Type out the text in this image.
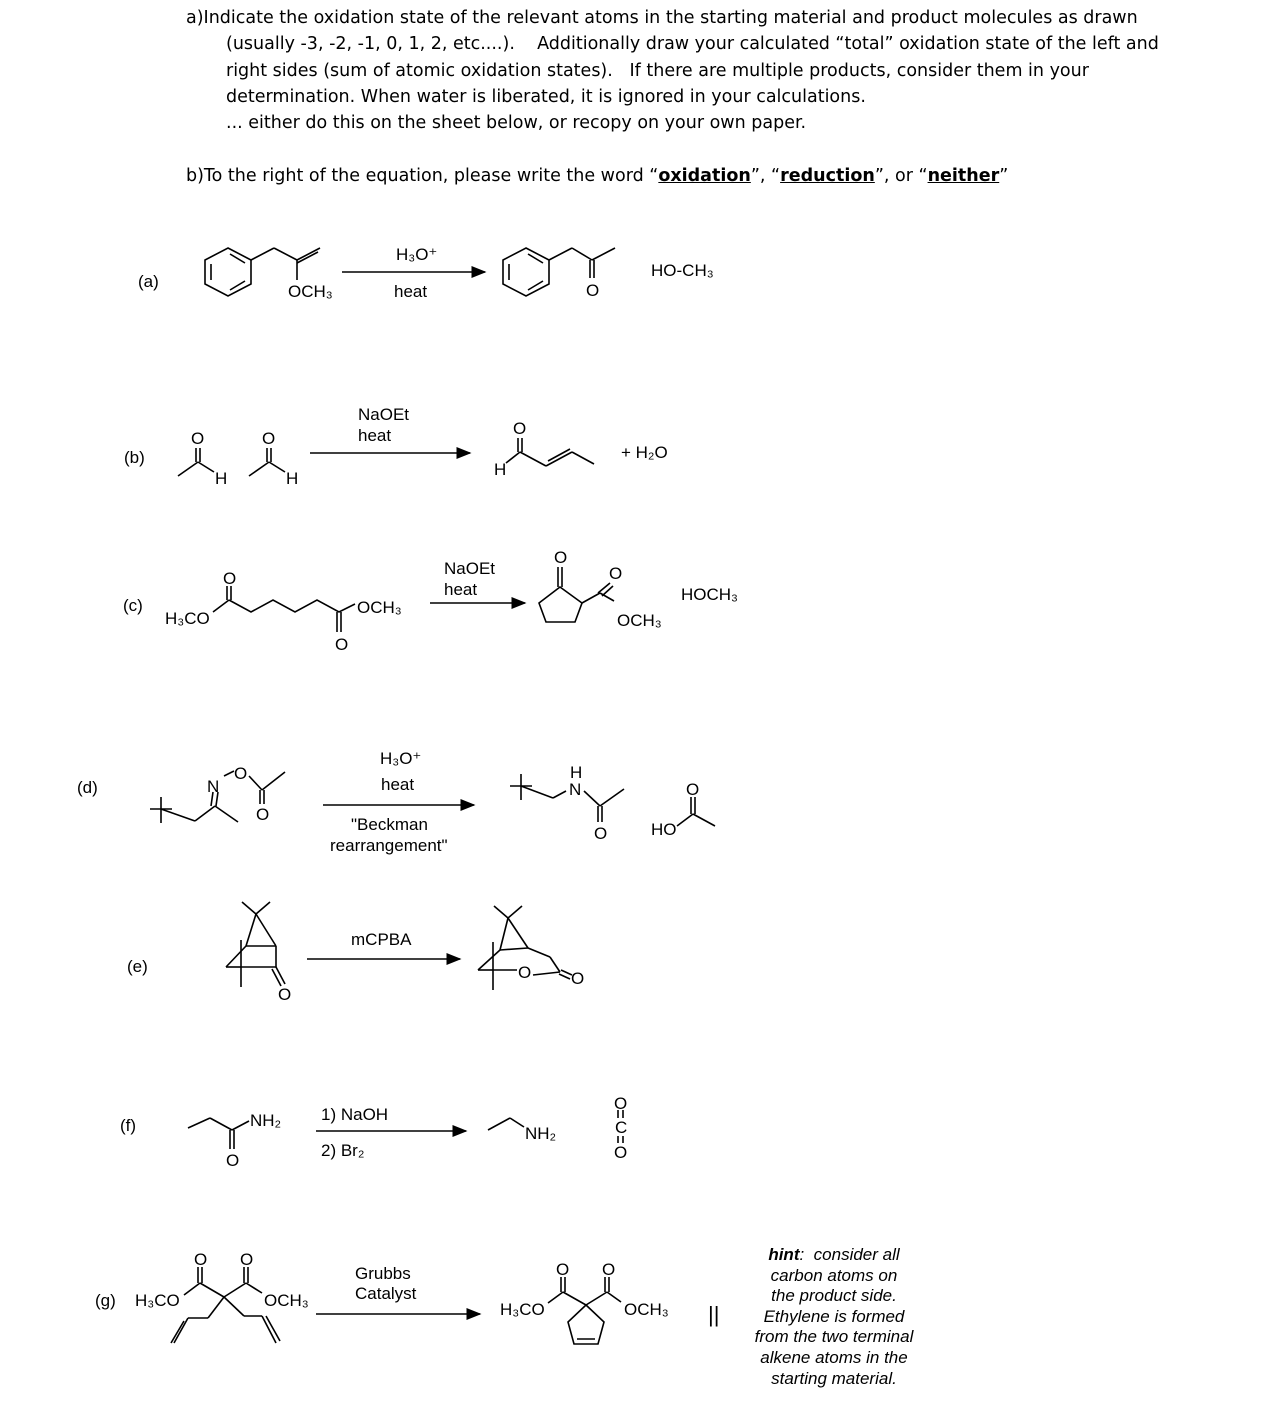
a)Indicate the oxidation state of the relevant atoms in the starting material and product molecules as drawn

(usually -3, -2, -1, 0, 1, 2, etc....).    Additionally draw your calculated “total” oxidation state of the left and

right sides (sum of atomic oxidation states).   If there are multiple products, consider them in your

determination. When water is liberated, it is ignored in your calculations.

... either do this on the sheet below, or recopy on your own paper.

b)To the right of the equation, please write the word “oxidation”, “reduction”, or “neither”

(a)
OCH₃
H₃O⁺
heat	O
HO-CH₃
(b)
O
H
O
H
NaOEt
heat	O
H
+ H₂O
(c)
H₃CO
O
OCH₃
O
NaOEt
heat
O
O
OCH₃
HOCH₃
(d)	N
O
O
H₃O⁺
heat
"Beckman
rearrangement"
H
N
O	HO
O
(e)
O
mCPBA
O O
(f)	NH₂
O
1) NaOH
2) Br₂
NH₂
O
C
O
(g) H₃CO
O O
OCH₃
Grubbs
Catalyst
H₃CO
O O
OCH₃ ||
hint:  consider all
carbon atoms on
the product side.
Ethylene is formed
from the two terminal
alkene atoms in the
starting material.
